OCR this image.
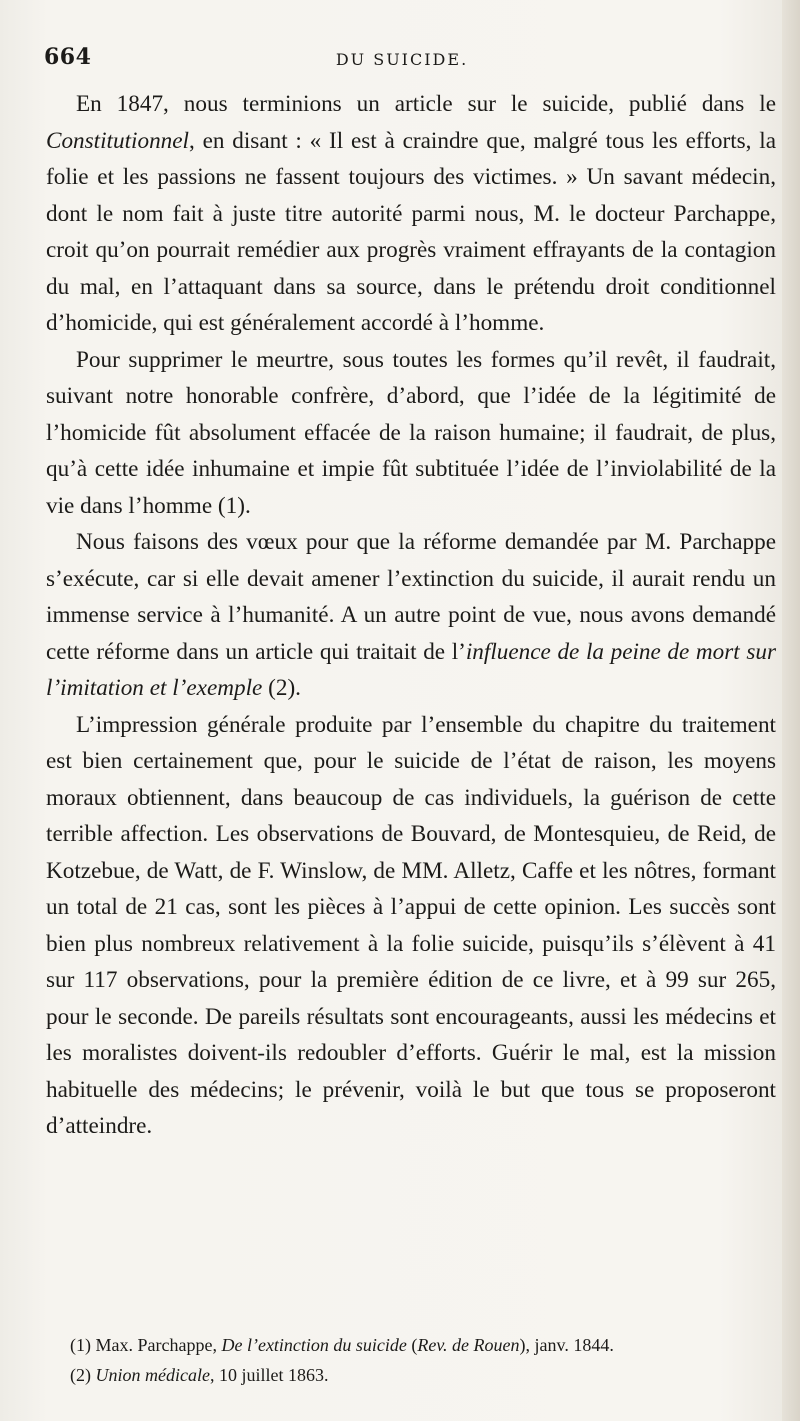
664	DU SUICIDE.

En 1847, nous terminions un article sur le suicide, publié dans le Constitutionnel, en disant : « Il est à craindre que, malgré tous les efforts, la folie et les passions ne fassent toujours des victimes. » Un savant médecin, dont le nom fait à juste titre autorité parmi nous, M. le docteur Parchappe, croit qu’on pourrait remédier aux progrès vraiment effrayants de la contagion du mal, en l’attaquant dans sa source, dans le prétendu droit conditionnel d’homicide, qui est généralement accordé à l’homme.

Pour supprimer le meurtre, sous toutes les formes qu’il revêt, il faudrait, suivant notre honorable confrère, d’abord, que l’idée de la légitimité de l’homicide fût absolument effacée de la raison humaine; il faudrait, de plus, qu’à cette idée inhumaine et impie fût subtituée l’idée de l’inviolabilité de la vie dans l’homme (1).

Nous faisons des vœux pour que la réforme demandée par M. Parchappe s’exécute, car si elle devait amener l’extinction du suicide, il aurait rendu un immense service à l’humanité. A un autre point de vue, nous avons demandé cette réforme dans un article qui traitait de l’influence de la peine de mort sur l’imitation et l’exemple (2).

L’impression générale produite par l’ensemble du chapitre du traitement est bien certainement que, pour le suicide de l’état de raison, les moyens moraux obtiennent, dans beaucoup de cas individuels, la guérison de cette terrible affection. Les observations de Bouvard, de Montesquieu, de Reid, de Kotzebue, de Watt, de F. Winslow, de MM. Alletz, Caffe et les nôtres, formant un total de 21 cas, sont les pièces à l’appui de cette opinion. Les succès sont bien plus nombreux relativement à la folie suicide, puisqu’ils s’élèvent à 41 sur 117 observations, pour la première édition de ce livre, et à 99 sur 265, pour le seconde. De pareils résultats sont encourageants, aussi les médecins et les moralistes doivent-ils redoubler d’efforts. Guérir le mal, est la mission habituelle des médecins; le prévenir, voilà le but que tous se proposeront d’atteindre.

(1) Max. Parchappe, De l’extinction du suicide (Rev. de Rouen), janv. 1844.

(2) Union médicale, 10 juillet 1863.
